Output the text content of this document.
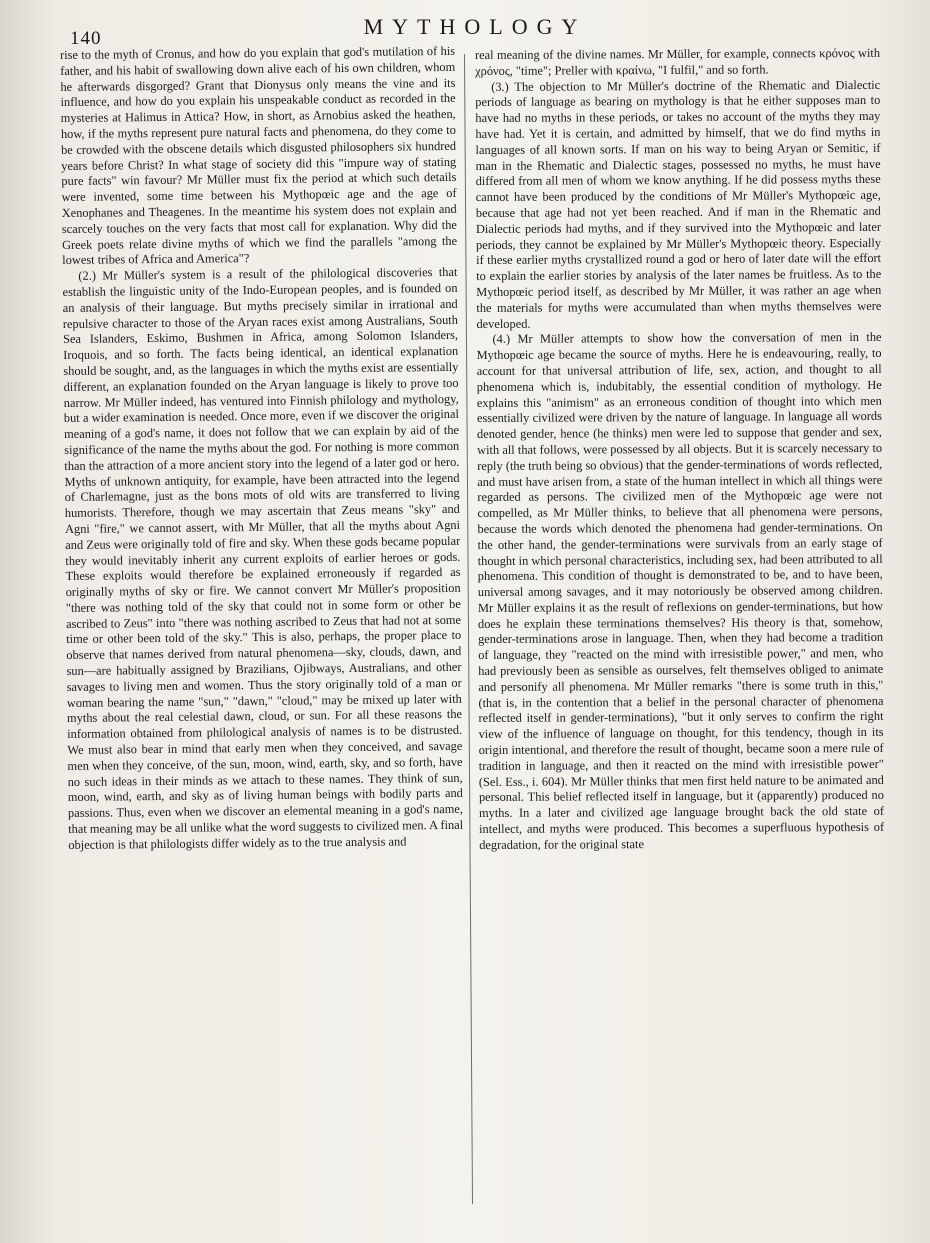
140	MYTHOLOGY

rise to the myth of Cronus, and how do you explain that god's mutilation of his father, and his habit of swallowing down alive each of his own children, whom he afterwards disgorged? Grant that Dionysus only means the vine and its influence, and how do you explain his unspeakable conduct as recorded in the mysteries at Halimus in Attica? How, in short, as Arnobius asked the heathen, how, if the myths represent pure natural facts and phenomena, do they come to be crowded with the obscene details which disgusted philosophers six hundred years before Christ? In what stage of society did this "impure way of stating pure facts" win favour? Mr Müller must fix the period at which such details were invented, some time between his Mythopœic age and the age of Xenophanes and Theagenes. In the meantime his system does not explain and scarcely touches on the very facts that most call for explanation. Why did the Greek poets relate divine myths of which we find the parallels "among the lowest tribes of Africa and America"?

(2.) Mr Müller's system is a result of the philological discoveries that establish the linguistic unity of the Indo-European peoples, and is founded on an analysis of their language. But myths precisely similar in irrational and repulsive character to those of the Aryan races exist among Australians, South Sea Islanders, Eskimo, Bushmen in Africa, among Solomon Islanders, Iroquois, and so forth. The facts being identical, an identical explanation should be sought, and, as the languages in which the myths exist are essentially different, an explanation founded on the Aryan language is likely to prove too narrow. Mr Müller indeed, has ventured into Finnish philology and mythology, but a wider examination is needed. Once more, even if we discover the original meaning of a god's name, it does not follow that we can explain by aid of the significance of the name the myths about the god. For nothing is more common than the attraction of a more ancient story into the legend of a later god or hero. Myths of unknown antiquity, for example, have been attracted into the legend of Charlemagne, just as the bons mots of old wits are transferred to living humorists. Therefore, though we may ascertain that Zeus means "sky" and Agni "fire," we cannot assert, with Mr Müller, that all the myths about Agni and Zeus were originally told of fire and sky. When these gods became popular they would inevitably inherit any current exploits of earlier heroes or gods. These exploits would therefore be explained erroneously if regarded as originally myths of sky or fire. We cannot convert Mr Müller's proposition "there was nothing told of the sky that could not in some form or other be ascribed to Zeus" into "there was nothing ascribed to Zeus that had not at some time or other been told of the sky." This is also, perhaps, the proper place to observe that names derived from natural phenomena—sky, clouds, dawn, and sun—are habitually assigned by Brazilians, Ojibways, Australians, and other savages to living men and women. Thus the story originally told of a man or woman bearing the name "sun," "dawn," "cloud," may be mixed up later with myths about the real celestial dawn, cloud, or sun. For all these reasons the information obtained from philological analysis of names is to be distrusted. We must also bear in mind that early men when they conceived, and savage men when they conceive, of the sun, moon, wind, earth, sky, and so forth, have no such ideas in their minds as we attach to these names. They think of sun, moon, wind, earth, and sky as of living human beings with bodily parts and passions. Thus, even when we discover an elemental meaning in a god's name, that meaning may be all unlike what the word suggests to civilized men. A final objection is that philologists differ widely as to the true analysis and

real meaning of the divine names. Mr Müller, for example, connects κρόνος with χρόνος, "time"; Preller with κραίνω, "I fulfil," and so forth.

(3.) The objection to Mr Müller's doctrine of the Rhematic and Dialectic periods of language as bearing on mythology is that he either supposes man to have had no myths in these periods, or takes no account of the myths they may have had. Yet it is certain, and admitted by himself, that we do find myths in languages of all known sorts. If man on his way to being Aryan or Semitic, if man in the Rhematic and Dialectic stages, possessed no myths, he must have differed from all men of whom we know anything. If he did possess myths these cannot have been produced by the conditions of Mr Müller's Mythopœic age, because that age had not yet been reached. And if man in the Rhematic and Dialectic periods had myths, and if they survived into the Mythopœic and later periods, they cannot be explained by Mr Müller's Mythopœic theory. Especially if these earlier myths crystallized round a god or hero of later date will the effort to explain the earlier stories by analysis of the later names be fruitless. As to the Mythopœic period itself, as described by Mr Müller, it was rather an age when the materials for myths were accumulated than when myths themselves were developed.

(4.) Mr Müller attempts to show how the conversation of men in the Mythopœic age became the source of myths. Here he is endeavouring, really, to account for that universal attribution of life, sex, action, and thought to all phenomena which is, indubitably, the essential condition of mythology. He explains this "animism" as an erroneous condition of thought into which men essentially civilized were driven by the nature of language. In language all words denoted gender, hence (he thinks) men were led to suppose that gender and sex, with all that follows, were possessed by all objects. But it is scarcely necessary to reply (the truth being so obvious) that the gender-terminations of words reflected, and must have arisen from, a state of the human intellect in which all things were regarded as persons. The civilized men of the Mythopœic age were not compelled, as Mr Müller thinks, to believe that all phenomena were persons, because the words which denoted the phenomena had gender-terminations. On the other hand, the gender-terminations were survivals from an early stage of thought in which personal characteristics, including sex, had been attributed to all phenomena. This condition of thought is demonstrated to be, and to have been, universal among savages, and it may notoriously be observed among children. Mr Müller explains it as the result of reflexions on gender-terminations, but how does he explain these terminations themselves? His theory is that, somehow, gender-terminations arose in language. Then, when they had become a tradition of language, they "reacted on the mind with irresistible power," and men, who had previously been as sensible as ourselves, felt themselves obliged to animate and personify all phenomena. Mr Müller remarks "there is some truth in this," (that is, in the contention that a belief in the personal character of phenomena reflected itself in gender-terminations), "but it only serves to confirm the right view of the influence of language on thought, for this tendency, though in its origin intentional, and therefore the result of thought, became soon a mere rule of tradition in language, and then it reacted on the mind with irresistible power" (Sel. Ess., i. 604). Mr Müller thinks that men first held nature to be animated and personal. This belief reflected itself in language, but it (apparently) produced no myths. In a later and civilized age language brought back the old state of intellect, and myths were produced. This becomes a superfluous hypothesis of degradation, for the original state
